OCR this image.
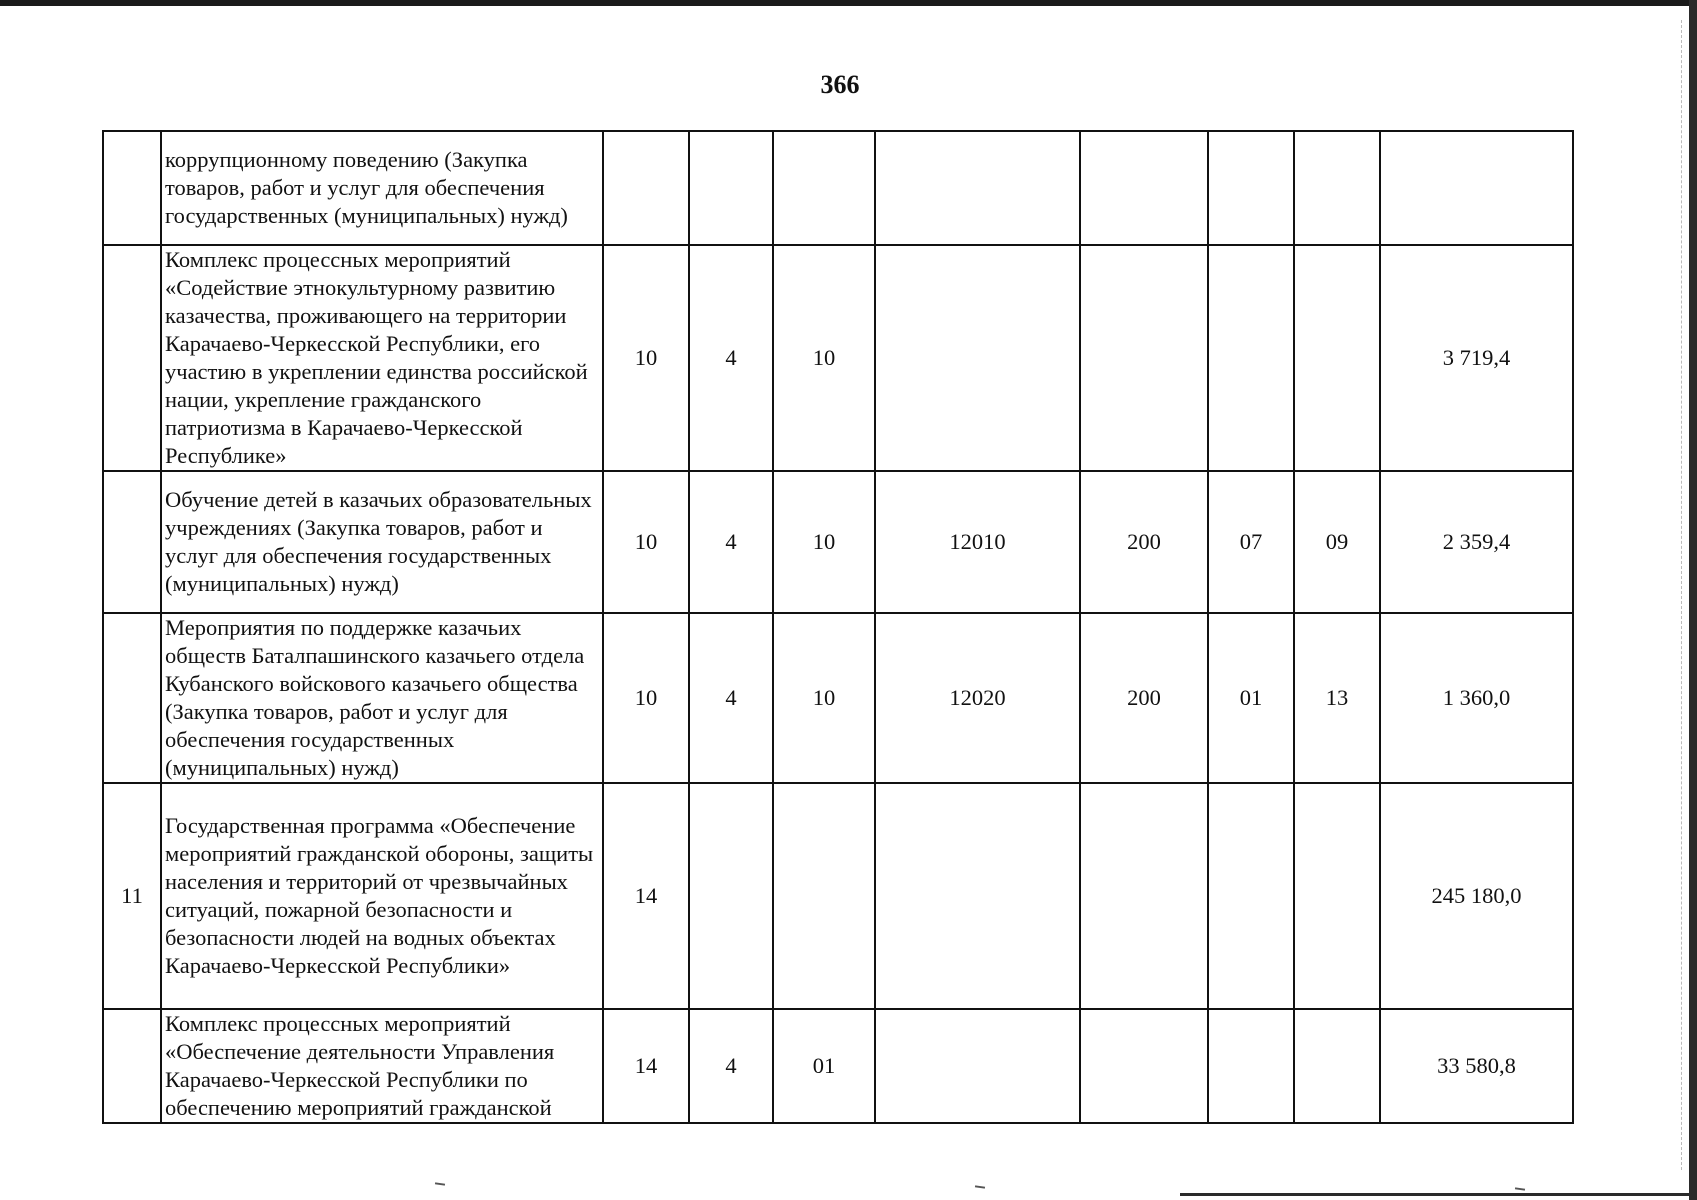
366
	коррупционному поведению (Закупка товаров, работ и услуг для обеспечения государственных (муниципальных) нужд)								
	Комплекс процессных мероприятий «Содействие этнокультурному развитию казачества, проживающего на территории Карачаево-Черкесской Республики, его участию в укреплении единства российской нации, укрепление гражданского патриотизма в Карачаево-Черкесской Республике»	10	4	10					3 719,4
	Обучение детей в казачьих образовательных учреждениях (Закупка товаров, работ и услуг для обеспечения государственных (муниципальных) нужд)	10	4	10	12010	200	07	09	2 359,4
	Мероприятия по поддержке казачьих обществ Баталпашинского казачьего отдела Кубанского войскового казачьего общества (Закупка товаров, работ и услуг для обеспечения государственных (муниципальных) нужд)	10	4	10	12020	200	01	13	1 360,0
11	Государственная программа «Обеспечение мероприятий гражданской обороны, защиты населения и территорий от чрезвычайных ситуаций, пожарной безопасности и безопасности людей на водных объектах Карачаево-Черкесской Республики»	14							245 180,0
	Комплекс процессных мероприятий «Обеспечение деятельности Управления Карачаево-Черкесской Республики по обеспечению мероприятий гражданской	14	4	01					33 580,8
